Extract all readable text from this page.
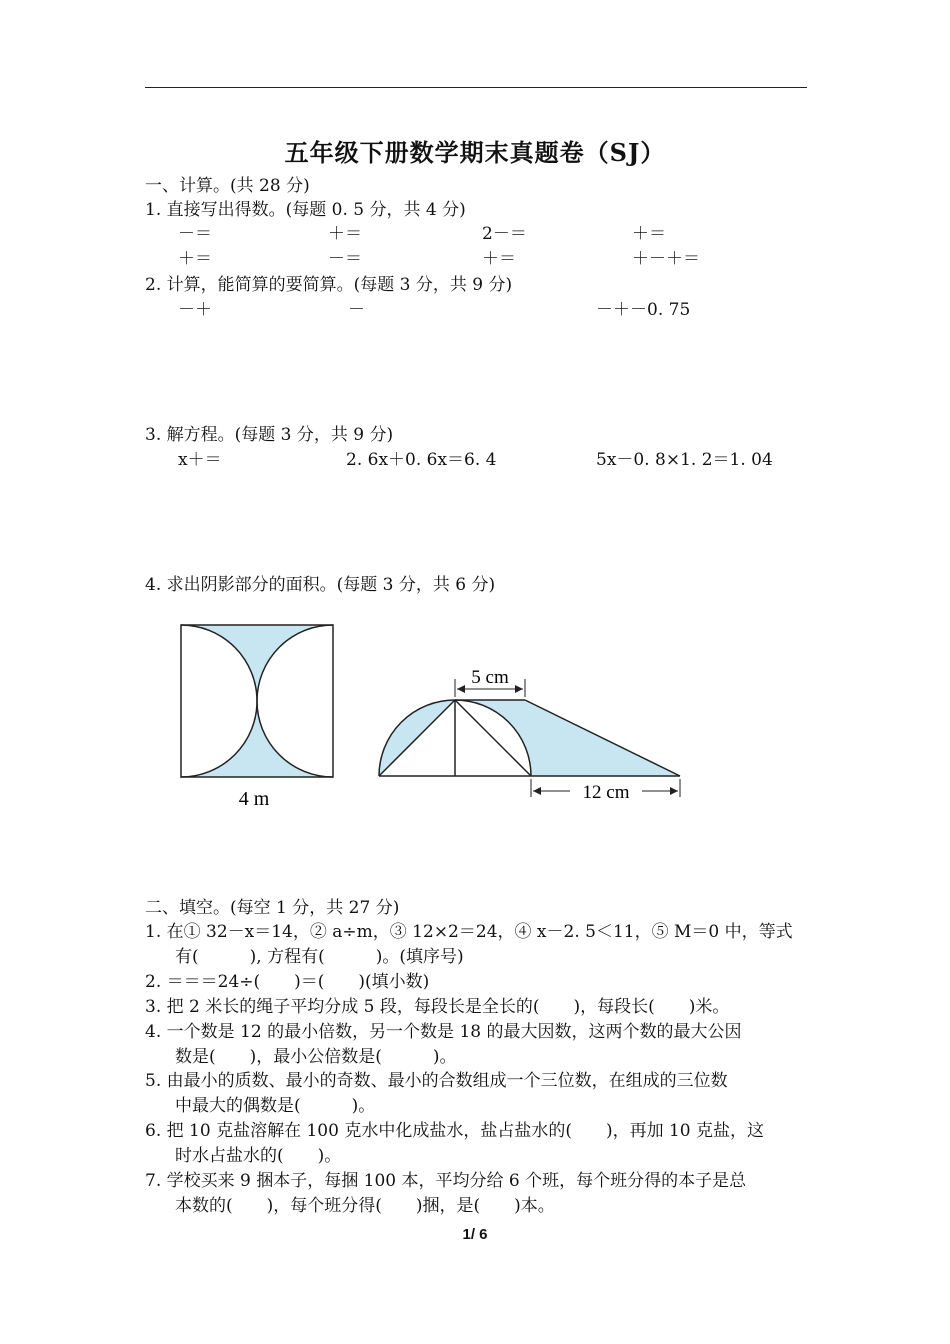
五年级下册数学期末真题卷（SJ）
一、计算。(共 28 分)
1. 直接写出得数。(每题 0. 5 分，共 4 分)
－＝	＋＝	2－＝	＋＝
＋＝	－＝	＋＝	＋－＋＝
2. 计算，能简算的要简算。(每题 3 分，共 9 分)
－＋	－	－＋－0. 75
3. 解方程。(每题 3 分，共 9 分)
x＋＝	2. 6x＋0. 6x＝6. 4	5x－0. 8×1. 2＝1. 04
4. 求出阴影部分的面积。(每题 3 分，共 6 分)
4 m
5 cm
12 cm
二、填空。(每空 1 分，共 27 分)
1. 在① 32－x＝14，② a÷m，③ 12×2＝24，④ x－2. 5＜11，⑤ M＝0 中，等式
有(　　　), 方程有(　　　)。(填序号)
2. ＝＝＝24÷(　　)＝(　　)(填小数)
3. 把 2 米长的绳子平均分成 5 段，每段长是全长的(　　)，每段长(　　)米。
4. 一个数是 12 的最小倍数，另一个数是 18 的最大因数，这两个数的最大公因
数是(　　)，最小公倍数是(　　　)。
5. 由最小的质数、最小的奇数、最小的合数组成一个三位数，在组成的三位数
中最大的偶数是(　　　)。
6. 把 10 克盐溶解在 100 克水中化成盐水，盐占盐水的(　　)，再加 10 克盐，这
时水占盐水的(　　)。
7. 学校买来 9 捆本子，每捆 100 本，平均分给 6 个班，每个班分得的本子是总
本数的(　　)，每个班分得(　　)捆，是(　　)本。
1/ 6
